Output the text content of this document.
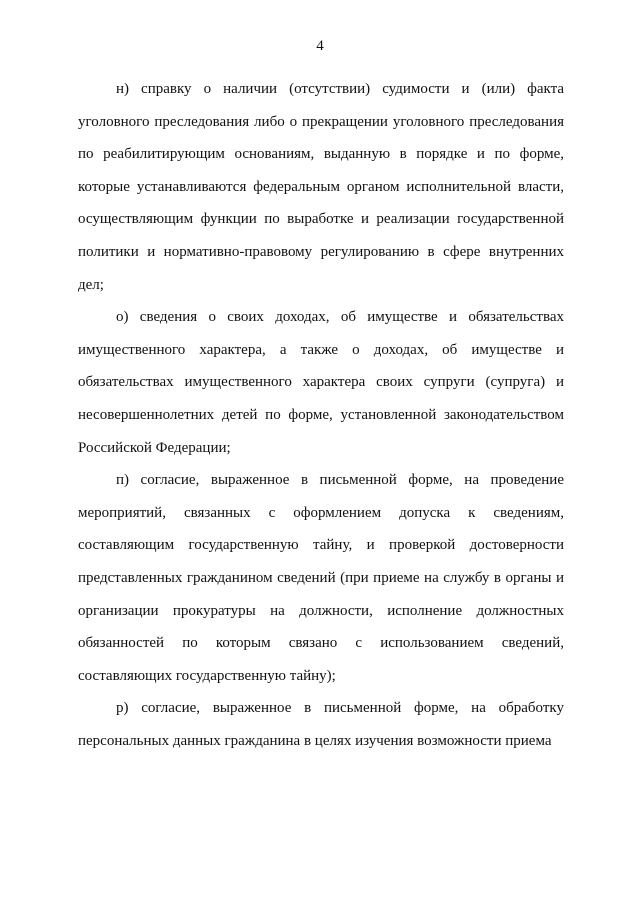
4

н) справку о наличии (отсутствии) судимости и (или) факта уголовного преследования либо о прекращении уголовного преследования по реабилитирующим основаниям, выданную в порядке и по форме, которые устанавливаются федеральным органом исполнительной власти, осуществляющим функции по выработке и реализации государственной политики и нормативно-правовому регулированию в сфере внутренних дел;

о) сведения о своих доходах, об имуществе и обязательствах имущественного характера, а также о доходах, об имуществе и обязательствах имущественного характера своих супруги (супруга) и несовершеннолетних детей по форме, установленной законодательством Российской Федерации;

п) согласие, выраженное в письменной форме, на проведение мероприятий, связанных с оформлением допуска к сведениям, составляющим государственную тайну, и проверкой достоверности представленных гражданином сведений (при приеме на службу в органы и организации прокуратуры на должности, исполнение должностных обязанностей по которым связано с использованием сведений, составляющих государственную тайну);

р) согласие, выраженное в письменной форме, на обработку персональных данных гражданина в целях изучения возможности приема
